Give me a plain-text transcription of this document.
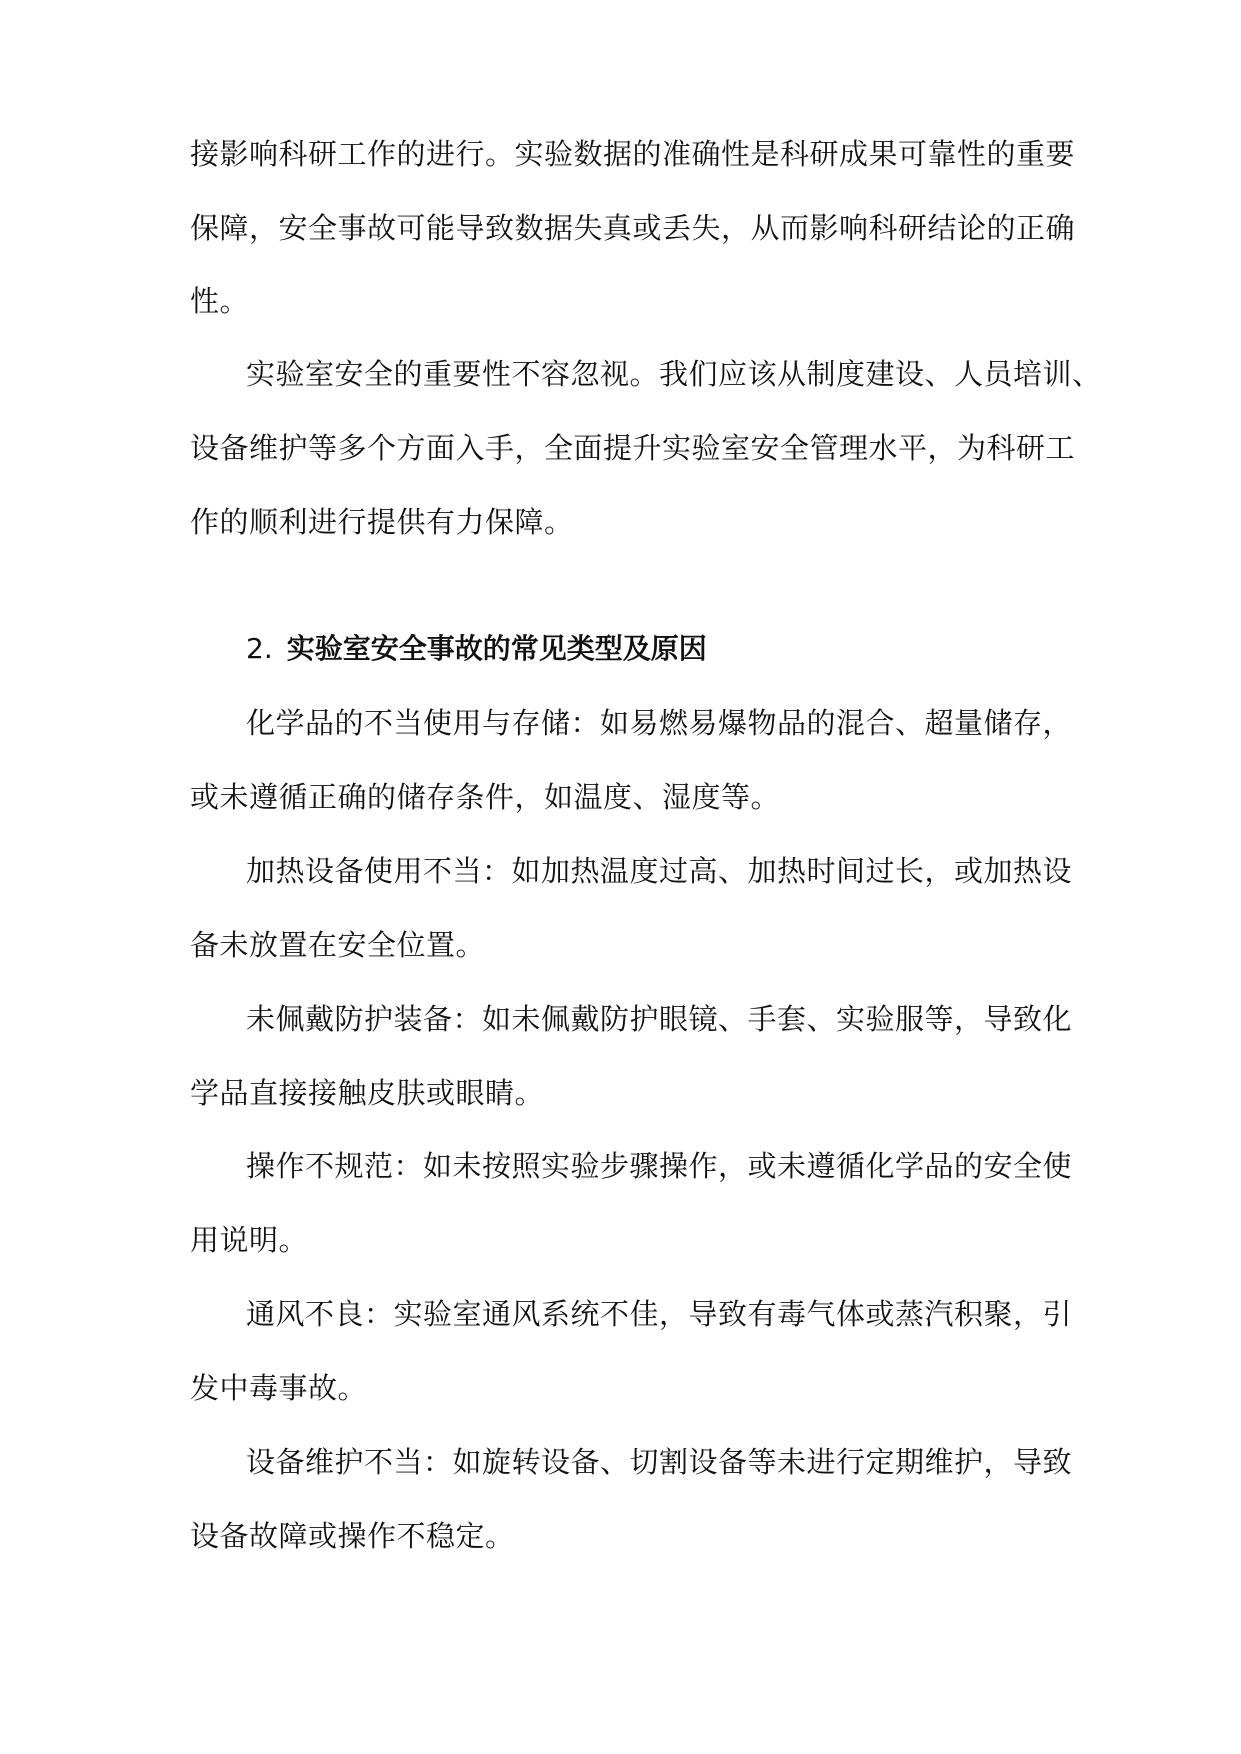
接影响科研工作的进行。实验数据的准确性是科研成果可靠性的重要
保障，安全事故可能导致数据失真或丢失，从而影响科研结论的正确
性。
实验室安全的重要性不容忽视。我们应该从制度建设、人员培训、
设备维护等多个方面入手，全面提升实验室安全管理水平，为科研工
作的顺利进行提供有力保障。
2. 实验室安全事故的常见类型及原因
化学品的不当使用与存储：如易燃易爆物品的混合、超量储存，
或未遵循正确的储存条件，如温度、湿度等。
加热设备使用不当：如加热温度过高、加热时间过长，或加热设
备未放置在安全位置。
未佩戴防护装备：如未佩戴防护眼镜、手套、实验服等，导致化
学品直接接触皮肤或眼睛。
操作不规范：如未按照实验步骤操作，或未遵循化学品的安全使
用说明。
通风不良：实验室通风系统不佳，导致有毒气体或蒸汽积聚，引
发中毒事故。
设备维护不当：如旋转设备、切割设备等未进行定期维护，导致
设备故障或操作不稳定。
